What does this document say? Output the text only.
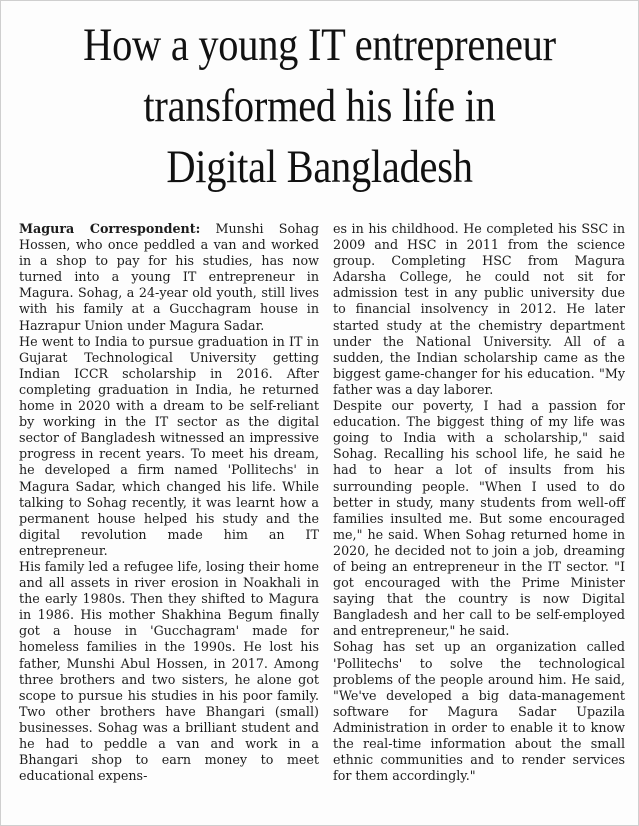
How a young IT entrepreneur
transformed his life in
Digital Bangladesh

Magura Correspondent: Munshi Sohag Hossen, who once peddled a van and worked in a shop to pay for his studies, has now turned into a young IT entrepreneur in Magura. Sohag, a 24-year old youth, still lives with his family at a Gucchagram house in Hazrapur Union under Magura Sadar.

He went to India to pursue graduation in IT in Gujarat Technological University getting Indian ICCR scholarship in 2016. After completing graduation in India, he returned home in 2020 with a dream to be self-reliant by working in the IT sector as the digital sector of Bangladesh witnessed an impressive progress in recent years. To meet his dream, he developed a firm named 'Pollitechs' in Magura Sadar, which changed his life. While talking to Sohag recently, it was learnt how a permanent house helped his study and the digital revolution made him an IT entrepreneur.

His family led a refugee life, losing their home and all assets in river erosion in Noakhali in the early 1980s. Then they shifted to Magura in 1986. His mother Shakhina Begum finally got a house in 'Gucchagram' made for homeless families in the 1990s. He lost his father, Munshi Abul Hossen, in 2017. Among three brothers and two sisters, he alone got scope to pursue his studies in his poor family. Two other brothers have Bhangari (small) businesses. Sohag was a brilliant student and he had to peddle a van and work in a Bhangari shop to earn money to meet educational expens-

es in his childhood. He completed his SSC in 2009 and HSC in 2011 from the science group. Completing HSC from Magura Adarsha College, he could not sit for admission test in any public university due to financial insolvency in 2012. He later started study at the chemistry department under the National University. All of a sudden, the Indian scholarship came as the biggest game-changer for his education. "My father was a day laborer.

Despite our poverty, I had a passion for education. The biggest thing of my life was going to India with a scholarship," said Sohag. Recalling his school life, he said he had to hear a lot of insults from his surrounding people. "When I used to do better in study, many students from well-off families insulted me. But some encouraged me," he said. When Sohag returned home in 2020, he decided not to join a job, dreaming of being an entrepreneur in the IT sector. "I got encouraged with the Prime Minister saying that the country is now Digital Bangladesh and her call to be self-employed and entrepreneur," he said.

Sohag has set up an organization called 'Pollitechs' to solve the technological problems of the people around him. He said, "We've developed a big data-management software for Magura Sadar Upazila Administration in order to enable it to know the real-time information about the small ethnic communities and to render services for them accordingly."
